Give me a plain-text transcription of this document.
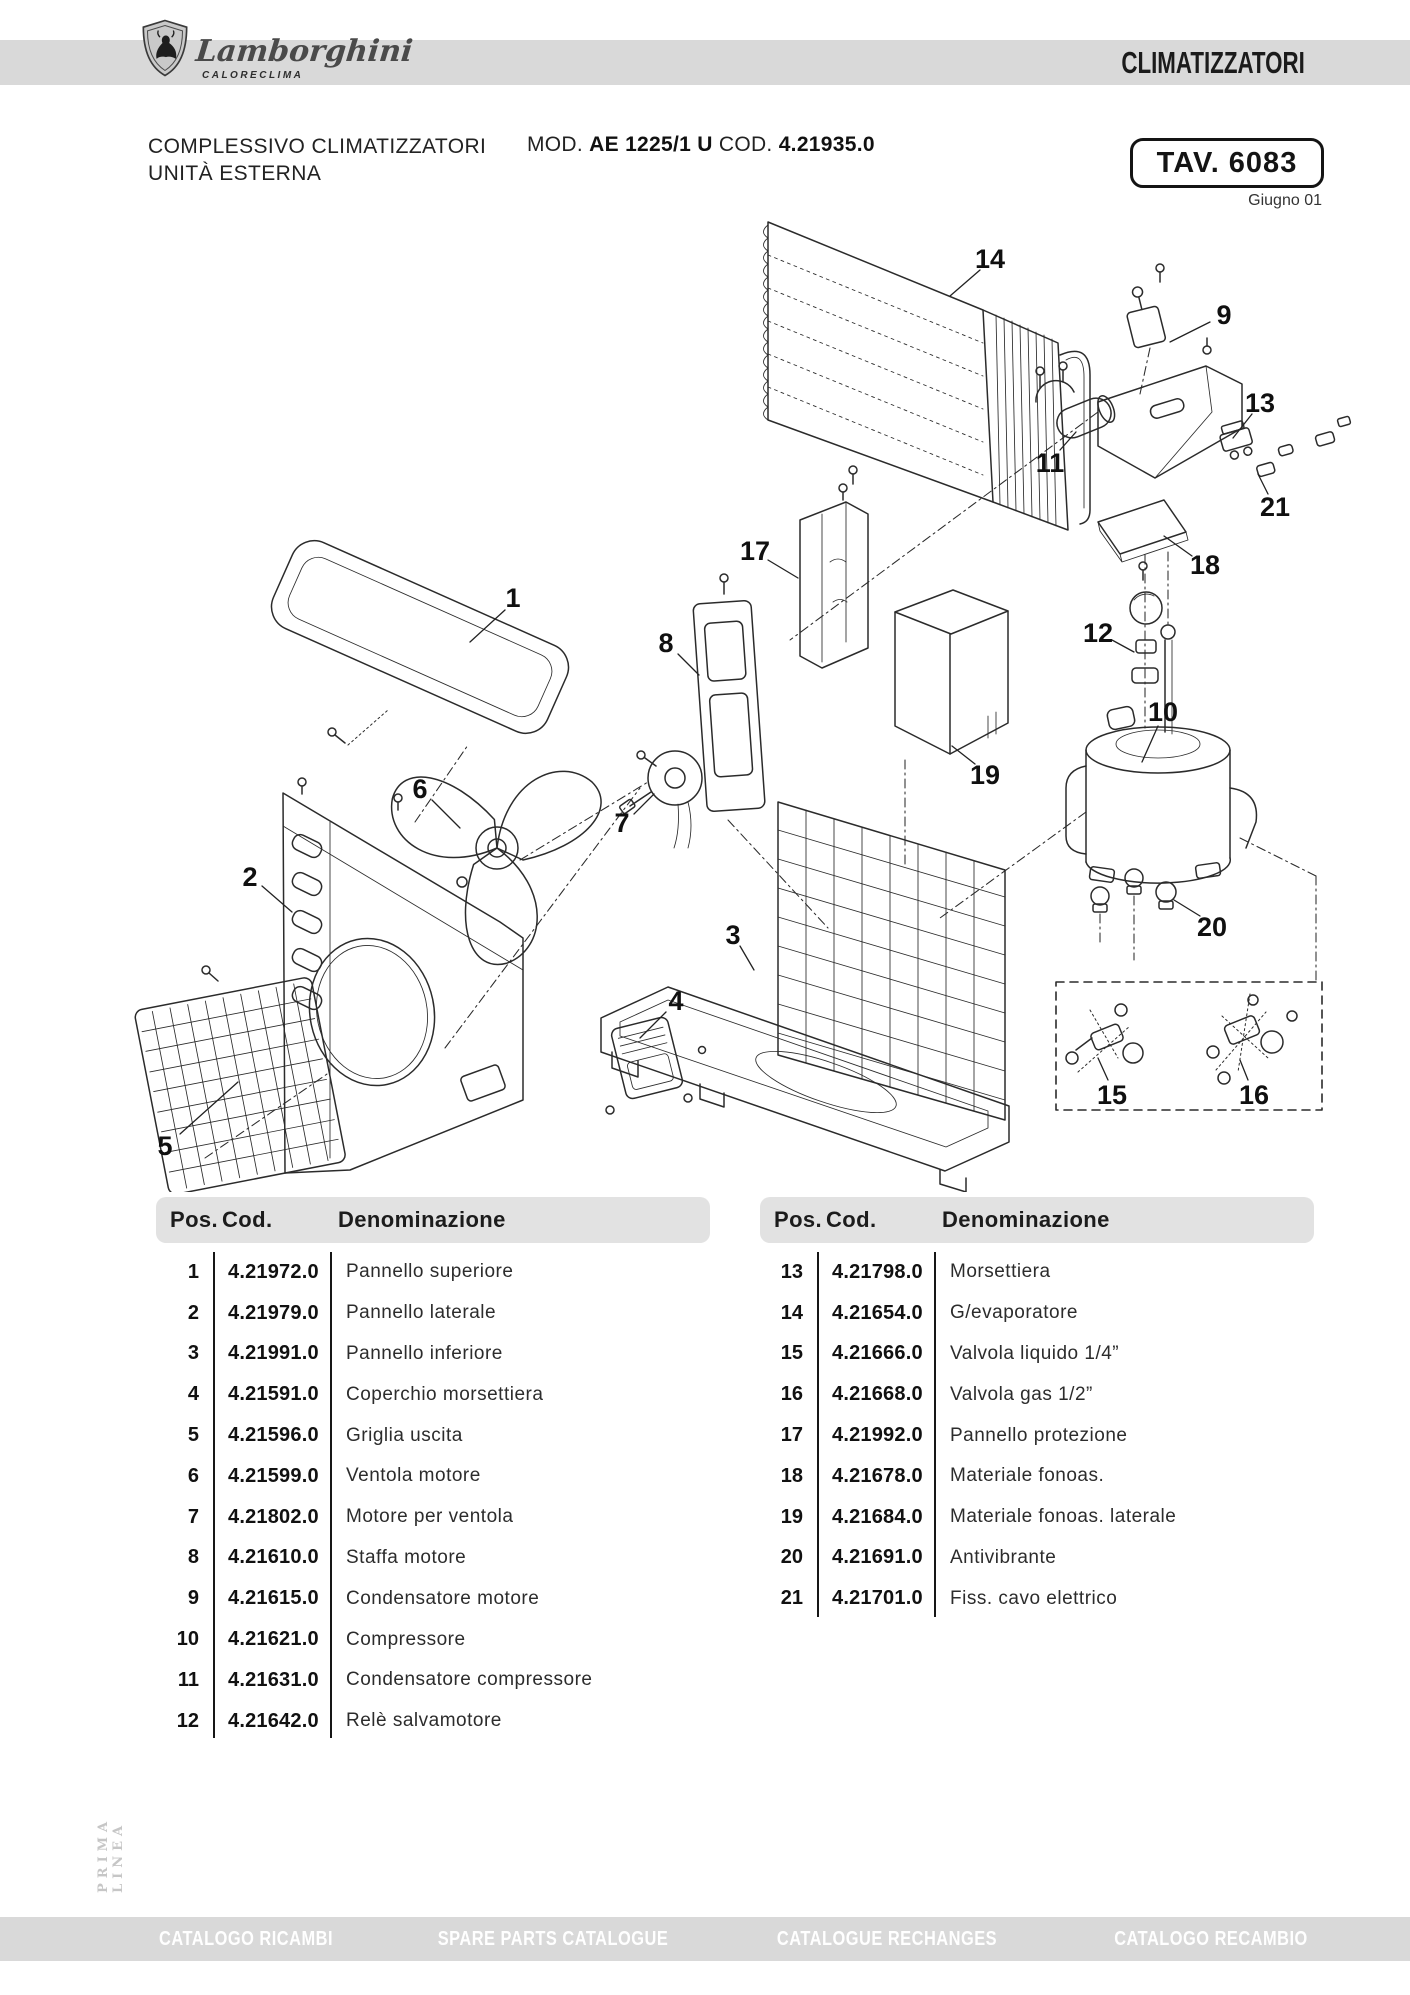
Lamborghini
CALORECLIMA	CLIMATIZZATORI
COMPLESSIVO CLIMATIZZATORI
UNITÀ ESTERNA
MOD. AE 1225/1 U COD. 4.21935.0
TAV. 6083
Giugno 01
1
2
3
4
5
6
7
8
9
10
11
12
13
14
15	16
17	18
19
20
21
Pos. Cod.	Denominazione
1	4.21972.0	Pannello superiore
2	4.21979.0	Pannello laterale
3	4.21991.0	Pannello inferiore
4	4.21591.0	Coperchio morsettiera
5	4.21596.0	Griglia uscita
6	4.21599.0	Ventola motore
7	4.21802.0	Motore per ventola
8	4.21610.0	Staffa motore
9	4.21615.0	Condensatore motore
10	4.21621.0	Compressore
11	4.21631.0	Condensatore compressore
12	4.21642.0	Relè salvamotore
Pos. Cod.	Denominazione
13	4.21798.0	Morsettiera
14	4.21654.0	G/evaporatore
15	4.21666.0	Valvola liquido 1/4”
16	4.21668.0	Valvola gas 1/2”
17	4.21992.0	Pannello protezione
18	4.21678.0	Materiale fonoas.
19	4.21684.0	Materiale fonoas. laterale
20	4.21691.0	Antivibrante
21	4.21701.0	Fiss. cavo elettrico
PRIMA LINEA
CATALOGO RICAMBI	SPARE PARTS CATALOGUE	CATALOGUE RECHANGES	CATALOGO RECAMBIO
